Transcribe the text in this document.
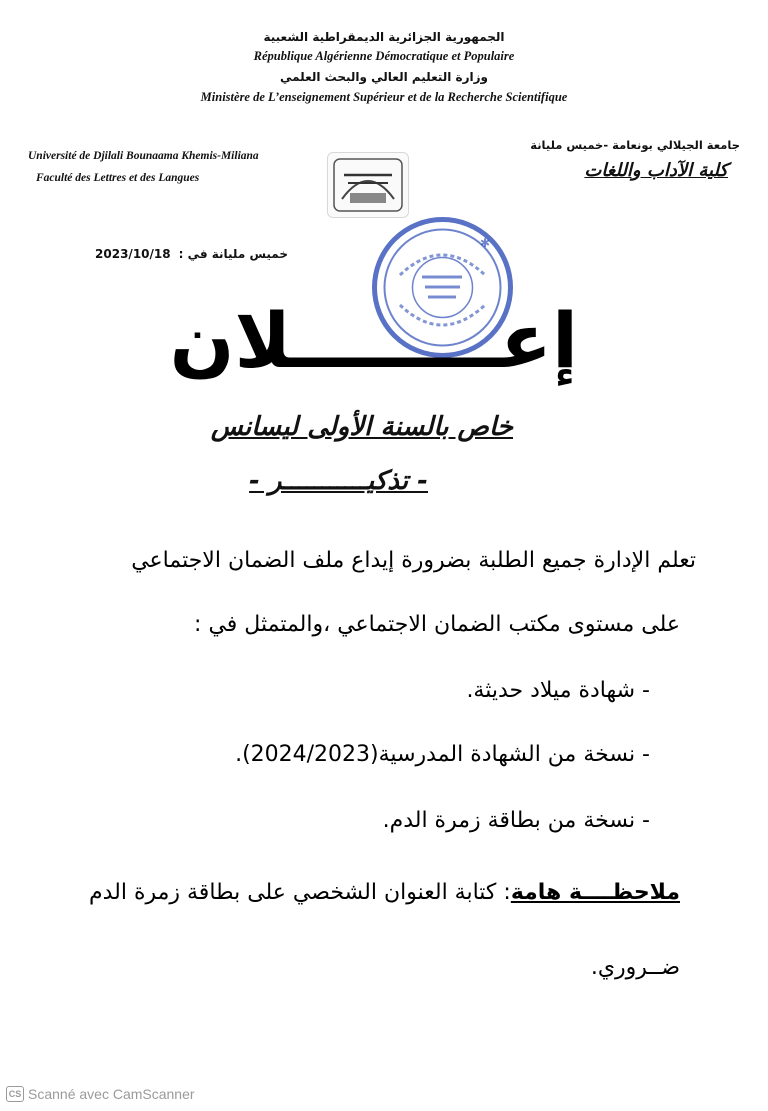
الجمهورية الجزائرية الديمقراطية الشعبية
République Algérienne Démocratique et Populaire
وزارة التعليم العالي والبحث العلمي
Ministère de L’enseignement Supérieur et de la Recherche Scientifique
Université de Djilali Bounaama Khemis-Miliana
Faculté des Lettres et des Langues
جامعة الجيلالي بونعامة -خميس مليانة
كلية الآداب واللغات
خميس مليانة في :
2023/10/18
✱
إعــــــــلان
خاص بالسنة الأولى ليسانس
- تذكيـــــــــــر -
تعلم الإدارة جميع الطلبة بضرورة إيداع ملف الضمان الاجتماعي
على مستوى مكتب الضمان الاجتماعي ،والمتمثل في :
- شهادة ميلاد حديثة.
- نسخة من الشهادة المدرسية(2024/2023).
- نسخة من بطاقة زمرة الدم.
ملاحظــــة هامة: كتابة العنوان الشخصي على بطاقة زمرة الدم
ضــروري.
CS Scanné avec CamScanner
